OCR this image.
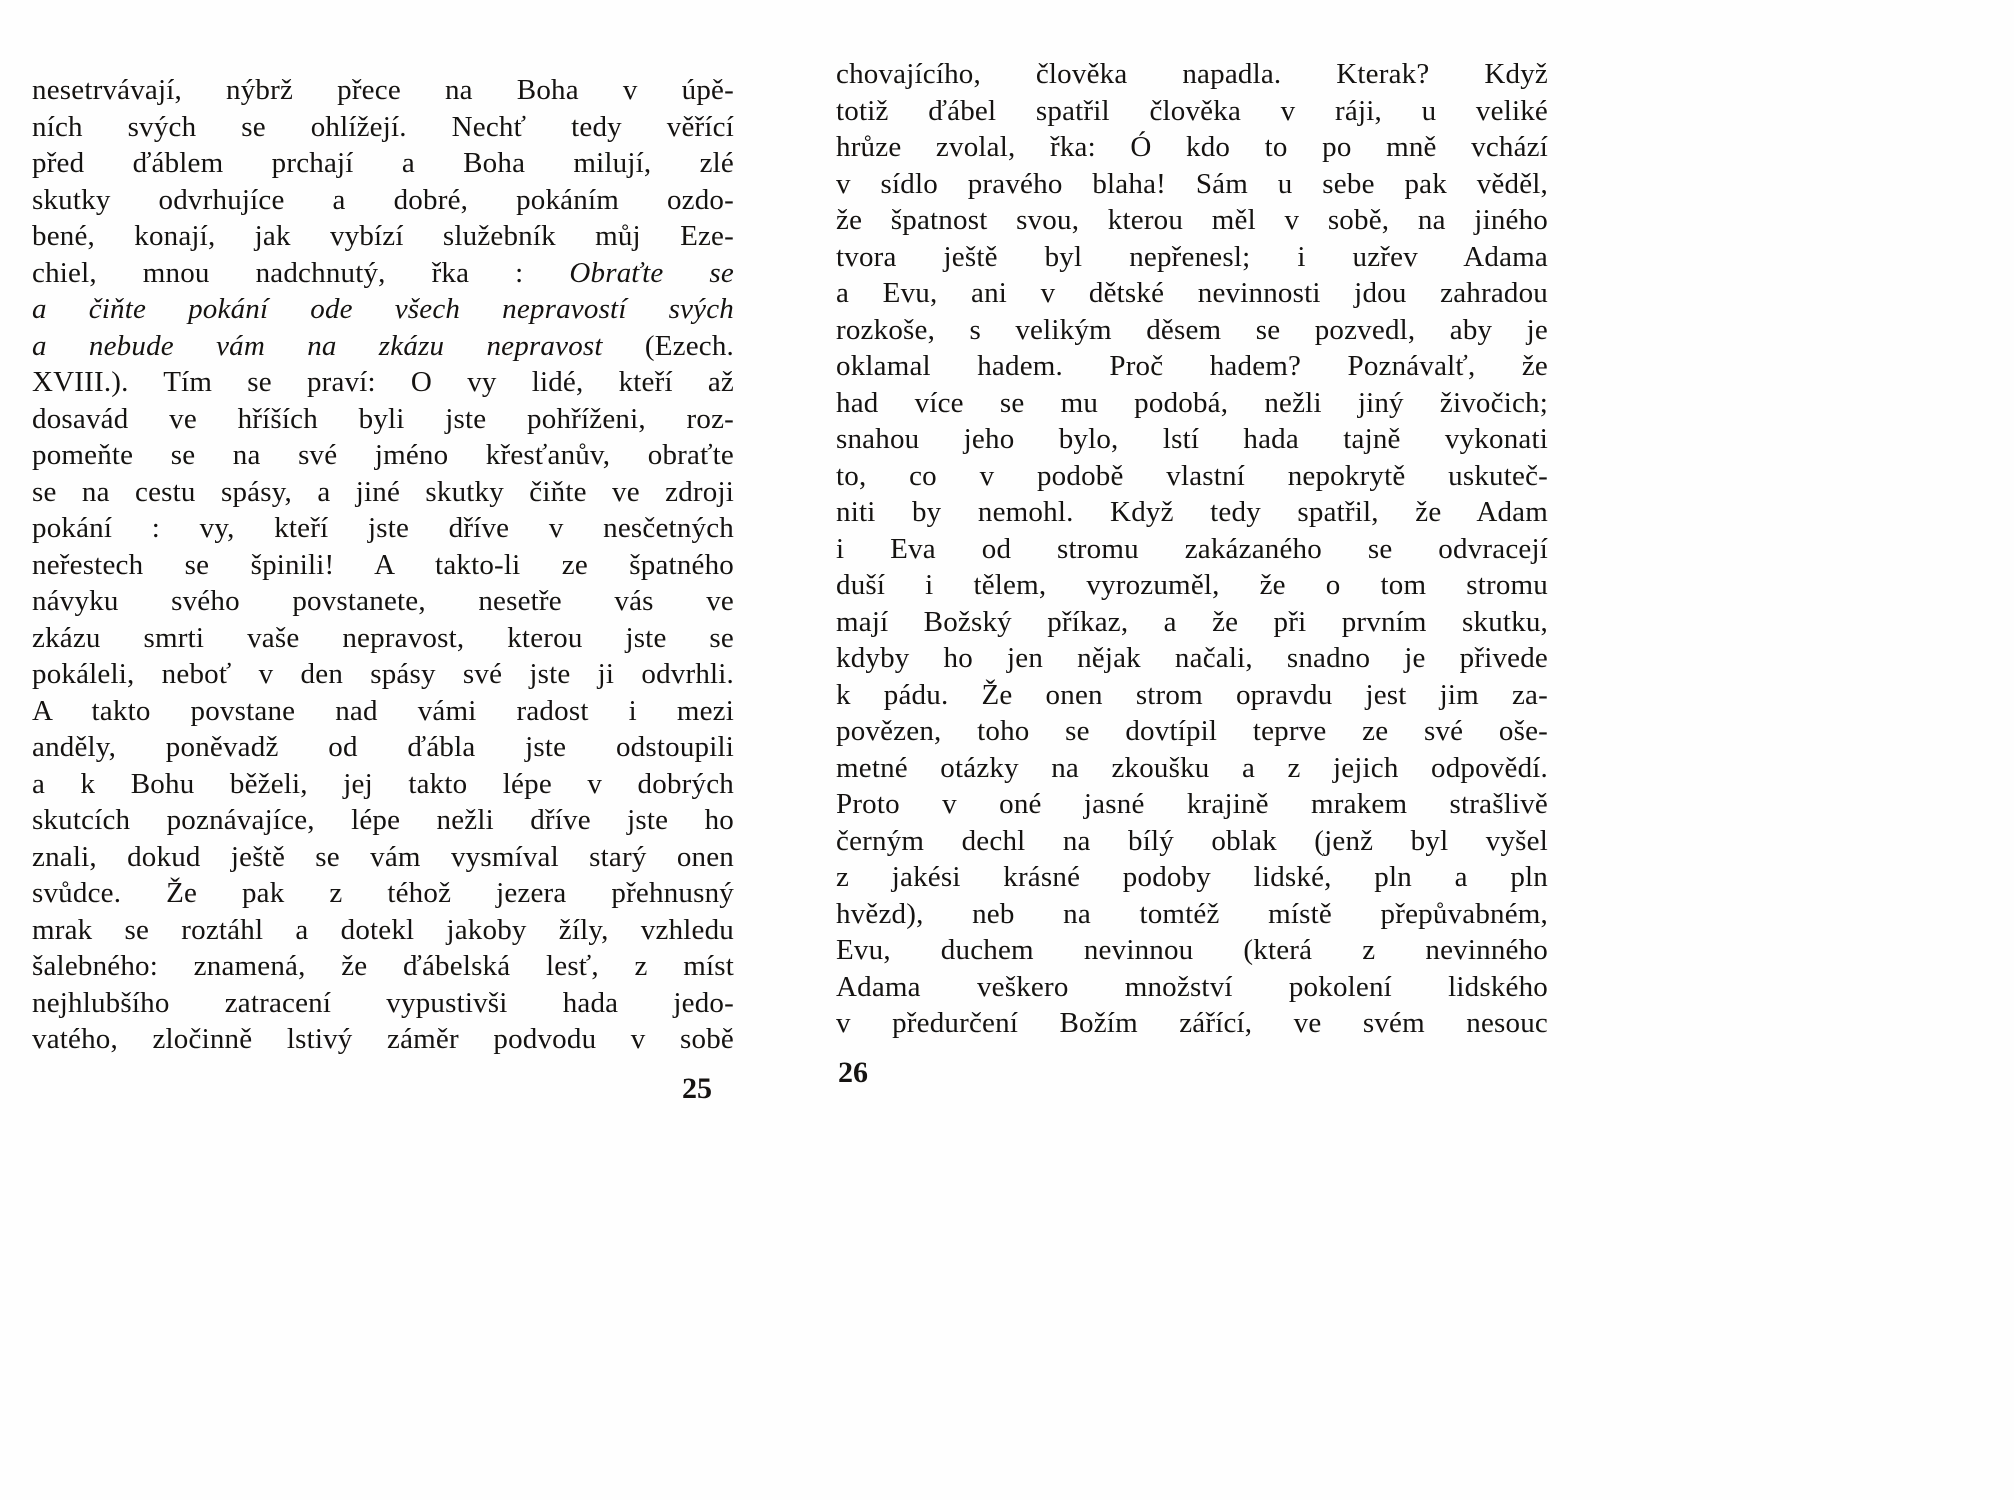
nesetrvávají, nýbrž přece na Boha v úpě-
ních svých se ohlížejí. Nechť tedy věřící
před ďáblem prchají a Boha milují, zlé
skutky odvrhujíce a dobré, pokáním ozdo-
bené, konají, jak vybízí služebník můj Eze-
chiel, mnou nadchnutý, řka : Obraťte se
a čiňte pokání ode všech nepravostí svých
a nebude vám na zkázu nepravost (Ezech.
XVIII.). Tím se praví: O vy lidé, kteří až
dosavád ve hříších byli jste pohříženi, roz-
pomeňte se na své jméno křesťanův, obraťte
se na cestu spásy, a jiné skutky čiňte ve zdroji
pokání : vy, kteří jste dříve v nesčetných
neřestech se špinili! A takto-li ze špatného
návyku svého povstanete, nesetře vás ve
zkázu smrti vaše nepravost, kterou jste se
pokáleli, neboť v den spásy své jste ji odvrhli.
A takto povstane nad vámi radost i mezi
anděly, poněvadž od ďábla jste odstoupili
a k Bohu běželi, jej takto lépe v dobrých
skutcích poznávajíce, lépe nežli dříve jste ho
znali, dokud ještě se vám vysmíval starý onen
svůdce. Že pak z téhož jezera přehnusný
mrak se roztáhl a dotekl jakoby žíly, vzhledu
šalebného: znamená, že ďábelská lesť, z míst
nejhlubšího zatracení vypustivši hada jedo-
vatého, zločinně lstivý záměr podvodu v sobě
25
chovajícího, člověka napadla. Kterak? Když
totiž ďábel spatřil člověka v ráji, u veliké
hrůze zvolal, řka: Ó kdo to po mně vchází
v sídlo pravého blaha! Sám u sebe pak věděl,
že špatnost svou, kterou měl v sobě, na jiného
tvora ještě byl nepřenesl; i uzřev Adama
a Evu, ani v dětské nevinnosti jdou zahradou
rozkoše, s velikým děsem se pozvedl, aby je
oklamal hadem. Proč hadem? Poznávalť, že
had více se mu podobá, nežli jiný živočich;
snahou jeho bylo, lstí hada tajně vykonati
to, co v podobě vlastní nepokrytě uskuteč-
niti by nemohl. Když tedy spatřil, že Adam
i Eva od stromu zakázaného se odvracejí
duší i tělem, vyrozuměl, že o tom stromu
mají Božský příkaz, a že při prvním skutku,
kdyby ho jen nějak načali, snadno je přivede
k pádu. Že onen strom opravdu jest jim za-
povězen, toho se dovtípil teprve ze své oše-
metné otázky na zkoušku a z jejich odpovědí.
Proto v oné jasné krajině mrakem strašlivě
černým dechl na bílý oblak (jenž byl vyšel
z jakési krásné podoby lidské, pln a pln
hvězd), neb na tomtéž místě přepůvabném,
Evu, duchem nevinnou (která z nevinného
Adama veškero množství pokolení lidského
v předurčení Božím zářící, ve svém nesouc
26
